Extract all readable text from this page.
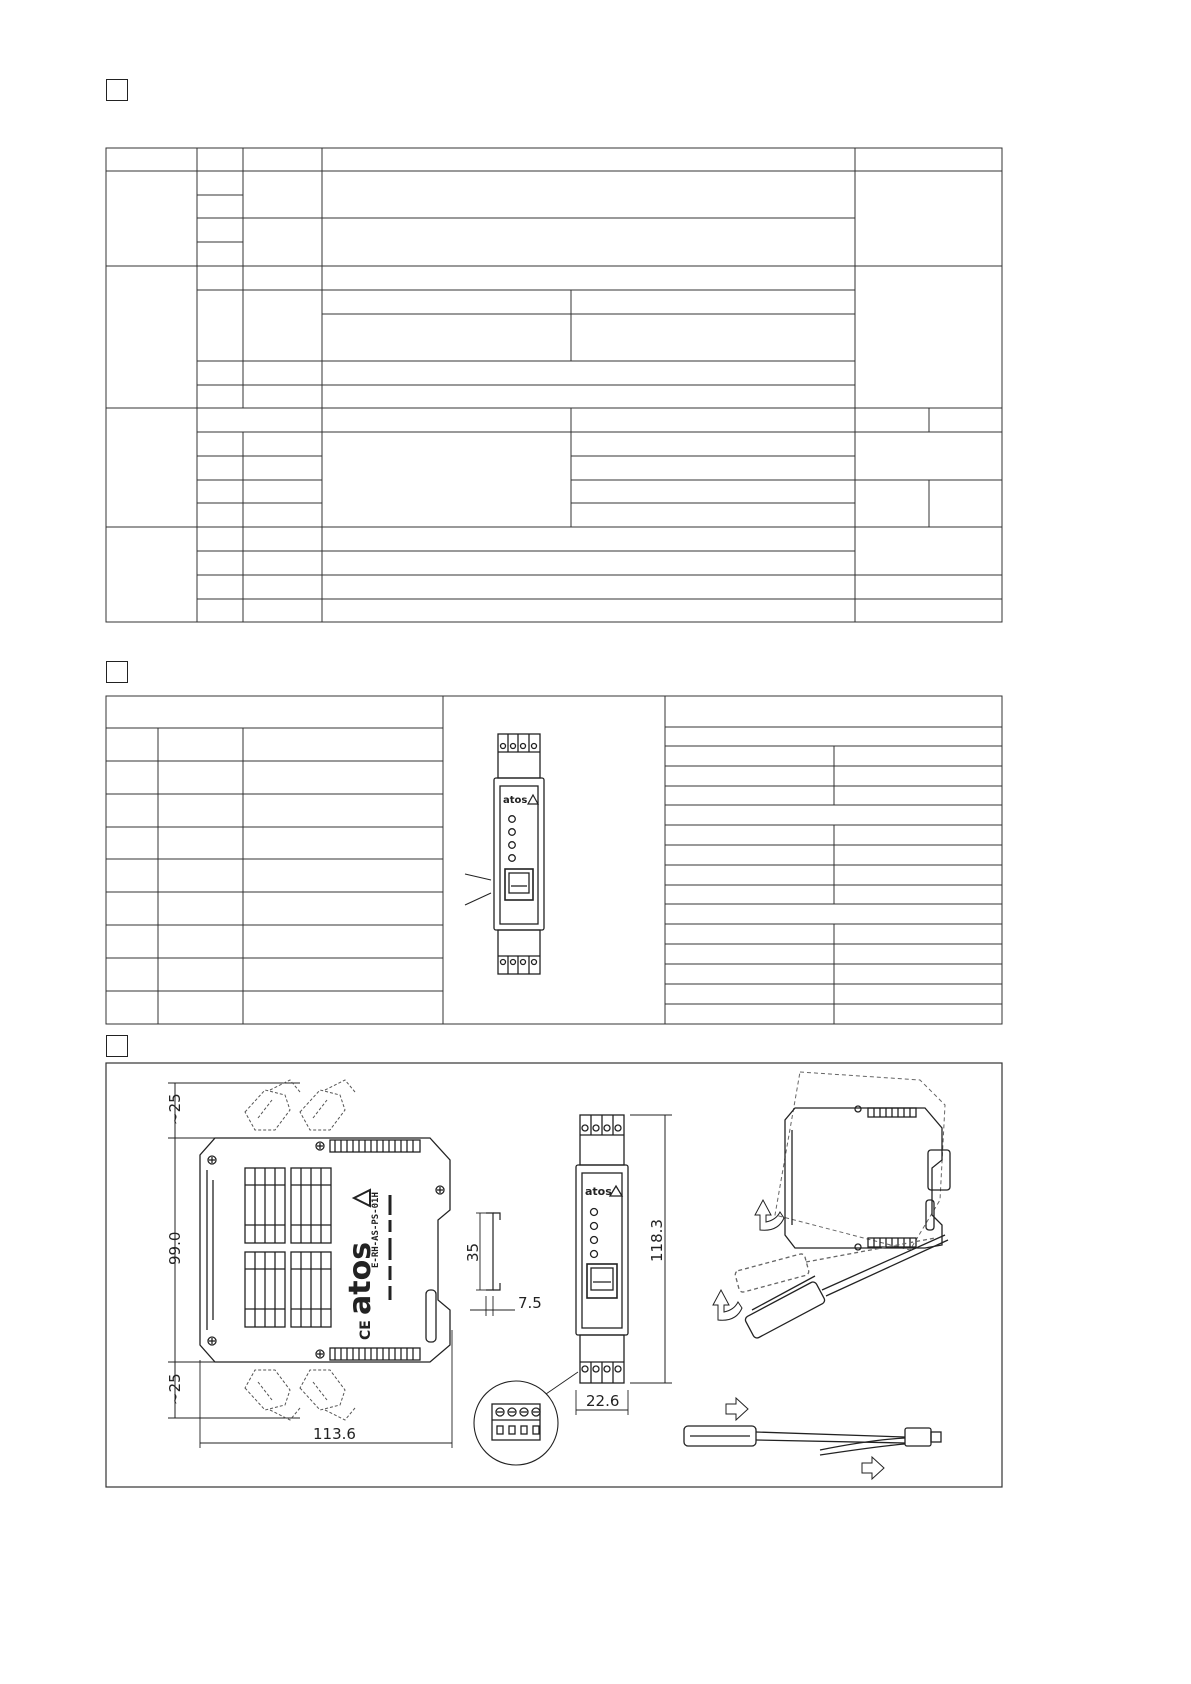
atos
atos
E-RH-AS-PS-01H
CE
~25
99.0
~25
113.6
35
7.5
atos
118.3
22.6
